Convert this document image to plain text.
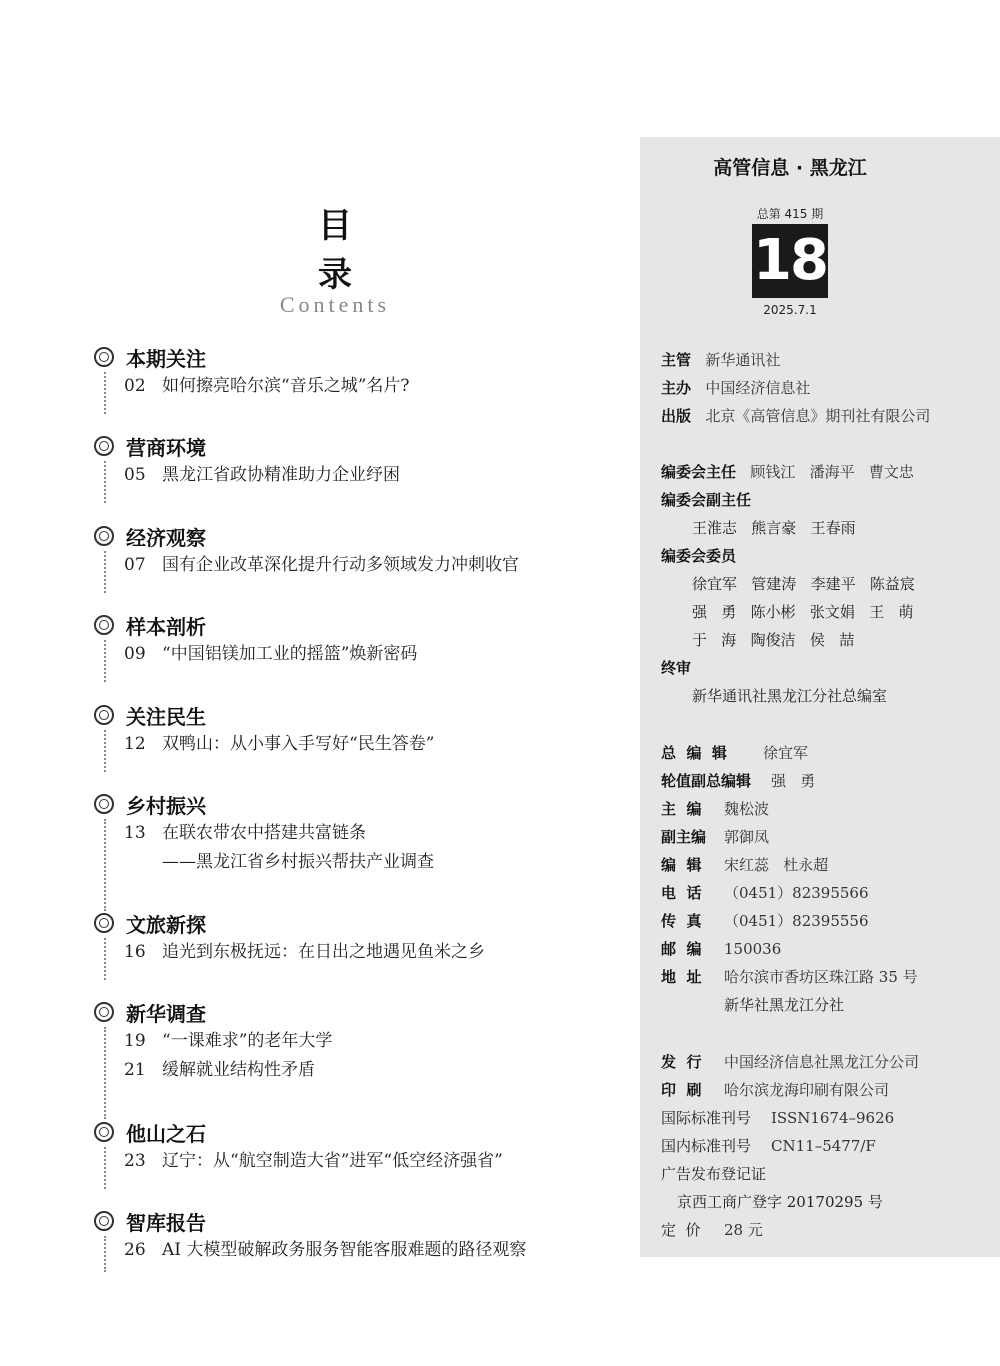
目 录
Contents
本期关注
02 如何擦亮哈尔滨“音乐之城”名片?
营商环境
05 黑龙江省政协精准助力企业纾困
经济观察
07 国有企业改革深化提升行动多领域发力冲刺收官
样本剖析
09 “中国铝镁加工业的摇篮”焕新密码
关注民生
12 双鸭山：从小事入手写好“民生答卷”
乡村振兴
13 在联农带农中搭建共富链条
——黑龙江省乡村振兴帮扶产业调查
文旅新探
16 追光到东极抚远：在日出之地遇见鱼米之乡
新华调查
19 “一课难求”的老年大学
21 缓解就业结构性矛盾
他山之石
23 辽宁：从“航空制造大省”进军“低空经济强省”
智库报告
26 AI 大模型破解政务服务智能客服难题的路径观察
高管信息 · 黑龙江
总第 415 期
18
2025.7.1
主管 新华通讯社
主办 中国经济信息社
出版 北京《高管信息》期刊社有限公司
编委会主任 顾钱江   潘海平   曹文忠
编委会副主任
王淮志   熊言豪   王春雨
编委会委员
徐宜军   管建涛   李建平   陈益宸
强   勇   陈小彬   张文娟   王   萌
于   海   陶俊洁   侯   喆
终审
新华通讯社黑龙江分社总编室
总  编  辑 徐宜军
轮值副总编辑 强   勇
主  编 魏松波
副主编 郭御凤
编  辑 宋红蕊   杜永超
电  话 （0451）82395566
传  真 （0451）82395556
邮  编 150036
地  址 哈尔滨市香坊区珠江路 35 号
新华社黑龙江分社
发  行 中国经济信息社黑龙江分公司
印  刷 哈尔滨龙海印刷有限公司
国际标准刊号 ISSN1674–9626
国内标准刊号 CN11–5477/F
广告发布登记证
京西工商广登字 20170295 号
定  价 28 元
